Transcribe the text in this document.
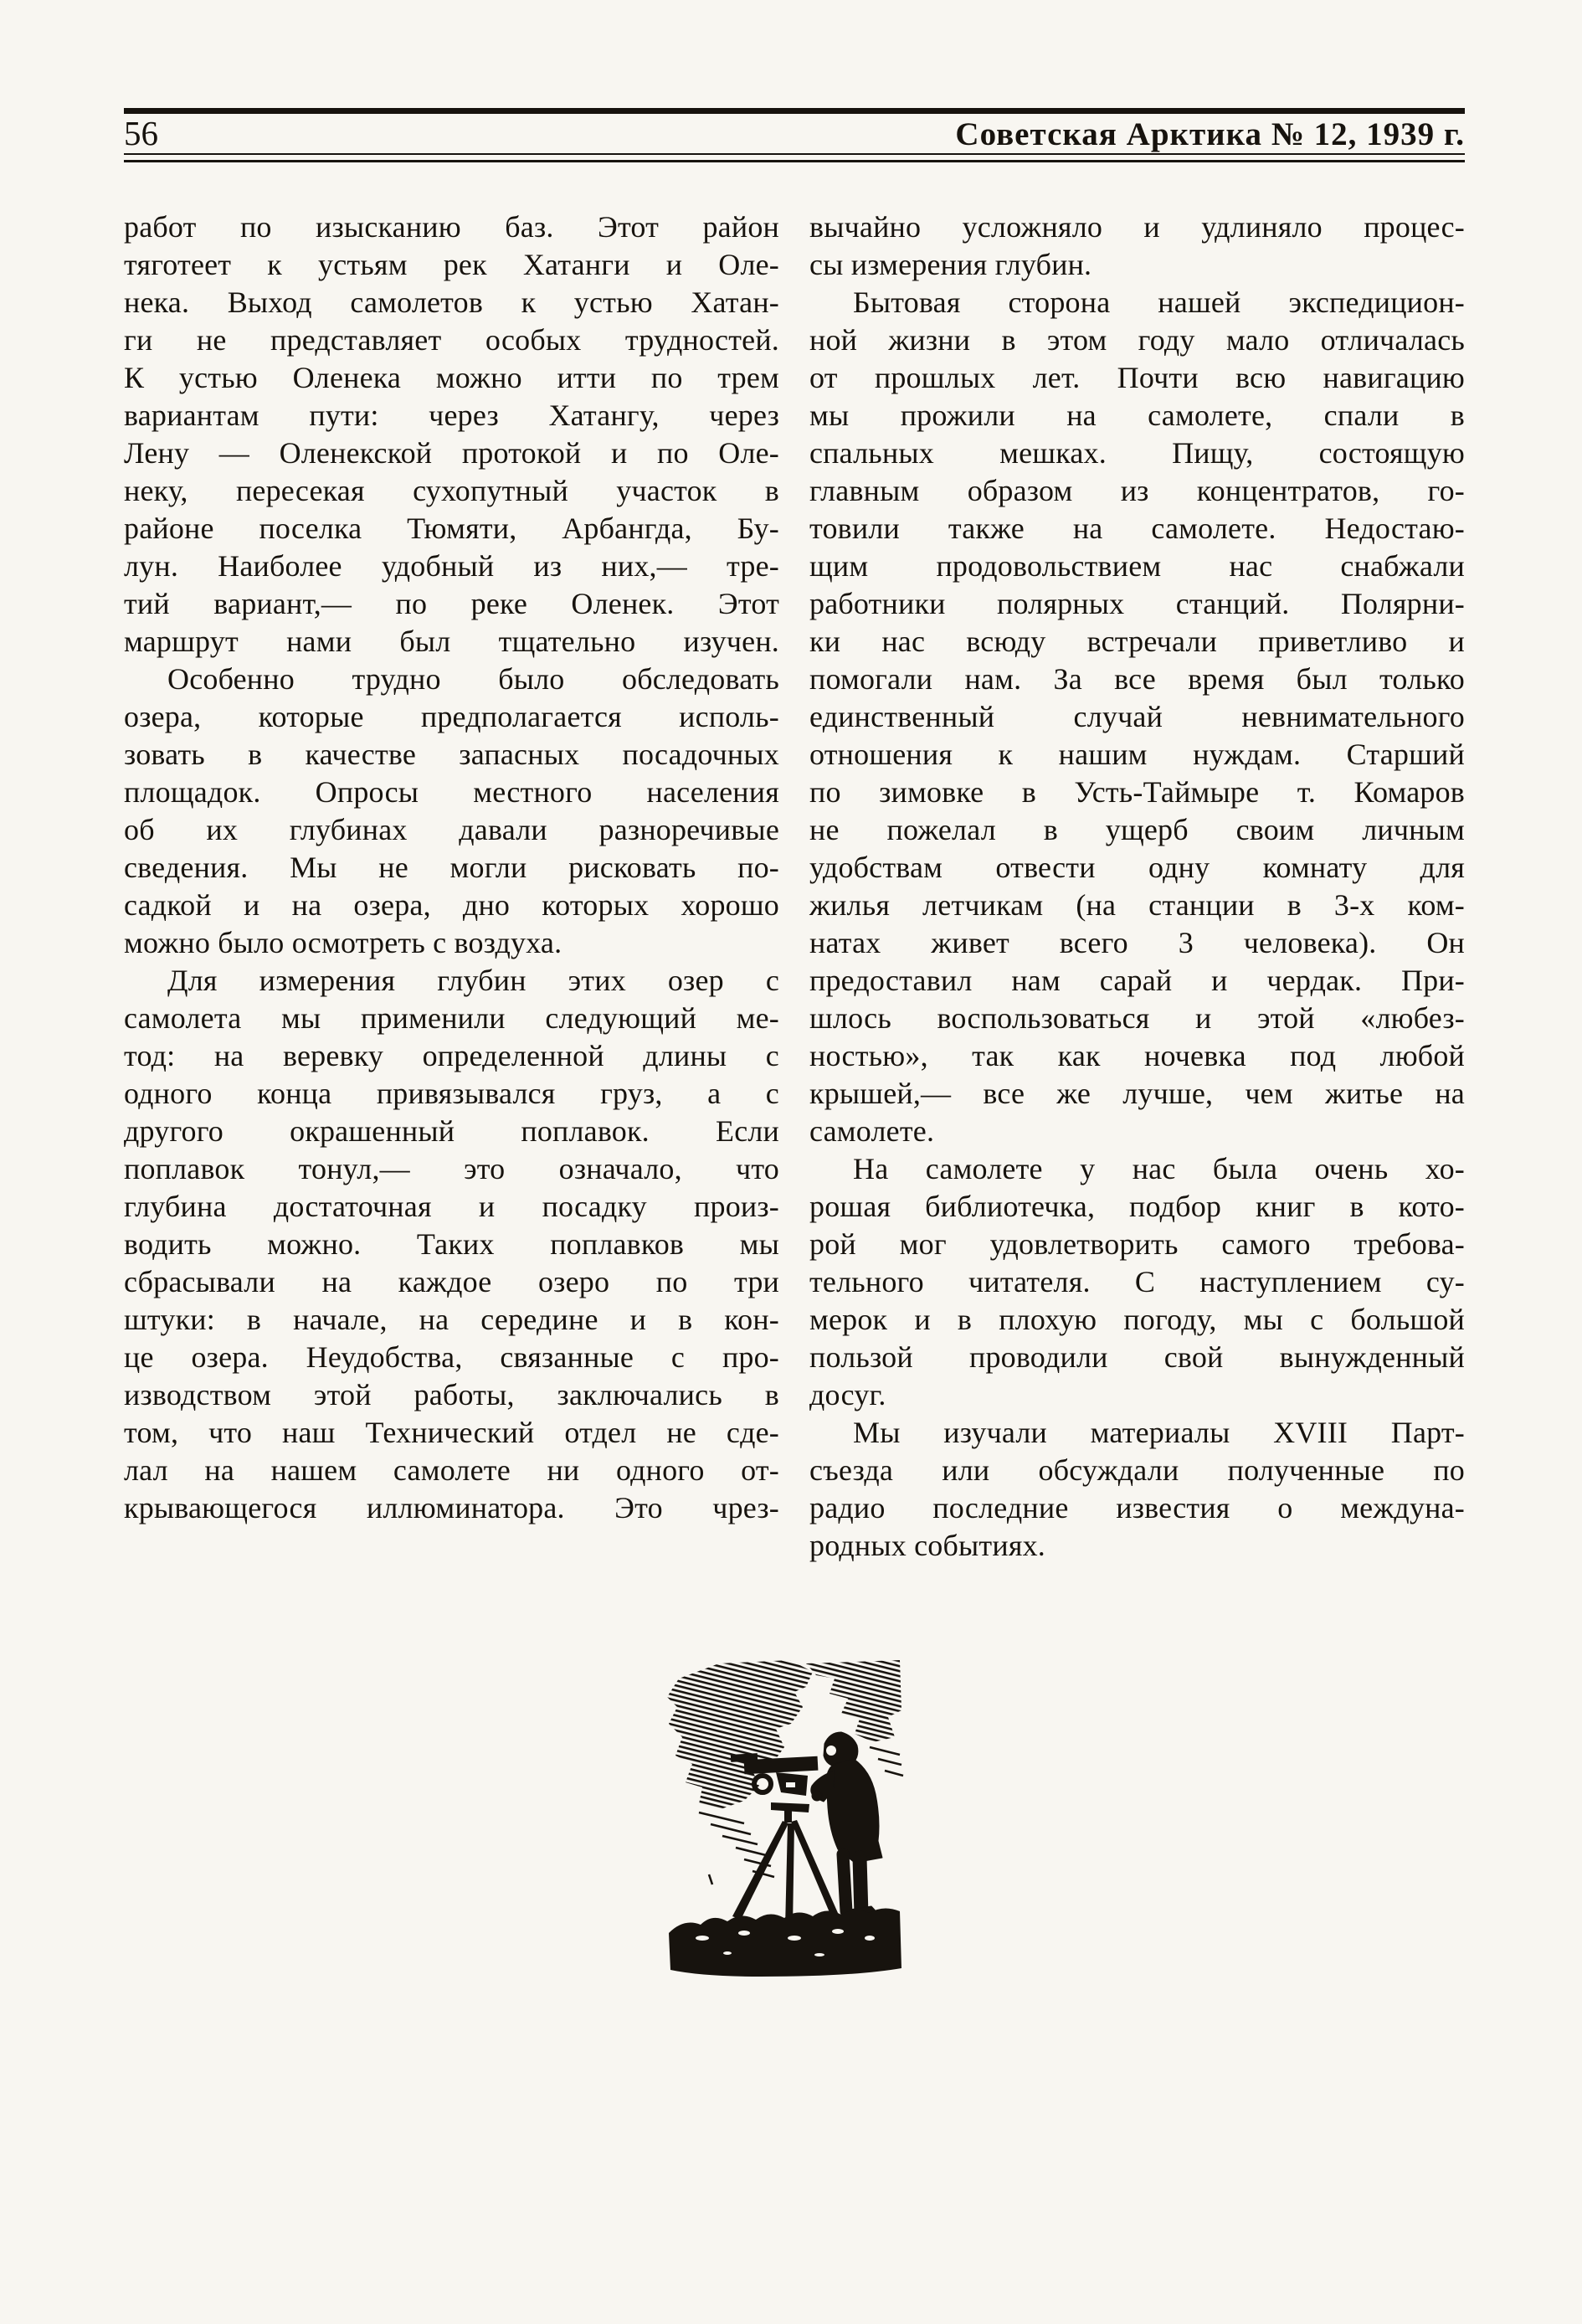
56	Советская Арктика № 12, 1939 г.
работ по изысканию баз. Этот район
тяготеет к устьям рек Хатанги и Оле-
нека. Выход самолетов к устью Хатан-
ги не представляет особых трудностей.
К устью Оленека можно итти по трем
вариантам пути: через Хатангу, через
Лену — Оленекской протокой и по Оле-
неку, пересекая сухопутный участок в
районе поселка Тюмяти, Арбангда, Бу-
лун. Наиболее удобный из них,— тре-
тий вариант,— по реке Оленек. Этот
маршрут нами был тщательно изучен.
Особенно трудно было обследовать
озера, которые предполагается исполь-
зовать в качестве запасных посадочных
площадок. Опросы местного населения
об их глубинах давали разноречивые
сведения. Мы не могли рисковать по-
садкой и на озера, дно которых хорошо
можно было осмотреть с воздуха.
Для измерения глубин этих озер с
самолета мы применили следующий ме-
тод: на веревку определенной длины с
одного конца привязывался груз, а с
другого окрашенный поплавок. Если
поплавок тонул,— это означало, что
глубина достаточная и посадку произ-
водить можно. Таких поплавков мы
сбрасывали на каждое озеро по три
штуки: в начале, на середине и в кон-
це озера. Неудобства, связанные с про-
изводством этой работы, заключались в
том, что наш Технический отдел не сде-
лал на нашем самолете ни одного от-
крывающегося иллюминатора. Это чрез-
вычайно усложняло и удлиняло процес-
сы измерения глубин.
Бытовая сторона нашей экспедицион-
ной жизни в этом году мало отличалась
от прошлых лет. Почти всю навигацию
мы прожили на самолете, спали в
спальных мешках. Пищу, состоящую
главным образом из концентратов, го-
товили также на самолете. Недостаю-
щим продовольствием нас снабжали
работники полярных станций. Полярни-
ки нас всюду встречали приветливо и
помогали нам. За все время был только
единственный случай невнимательного
отношения к нашим нуждам. Старший
по зимовке в Усть-Таймыре т. Комаров
не пожелал в ущерб своим личным
удобствам отвести одну комнату для
жилья летчикам (на станции в 3-х ком-
натах живет всего 3 человека). Он
предоставил нам сарай и чердак. При-
шлось воспользоваться и этой «любез-
ностью», так как ночевка под любой
крышей,— все же лучше, чем житье на
самолете.
На самолете у нас была очень хо-
рошая библиотечка, подбор книг в кото-
рой мог удовлетворить самого требова-
тельного читателя. С наступлением су-
мерок и в плохую погоду, мы с большой
пользой проводили свой вынужденный
досуг.
Мы изучали материалы XVIII Парт-
съезда или обсуждали полученные по
радио последние известия о междуна-
родных событиях.
